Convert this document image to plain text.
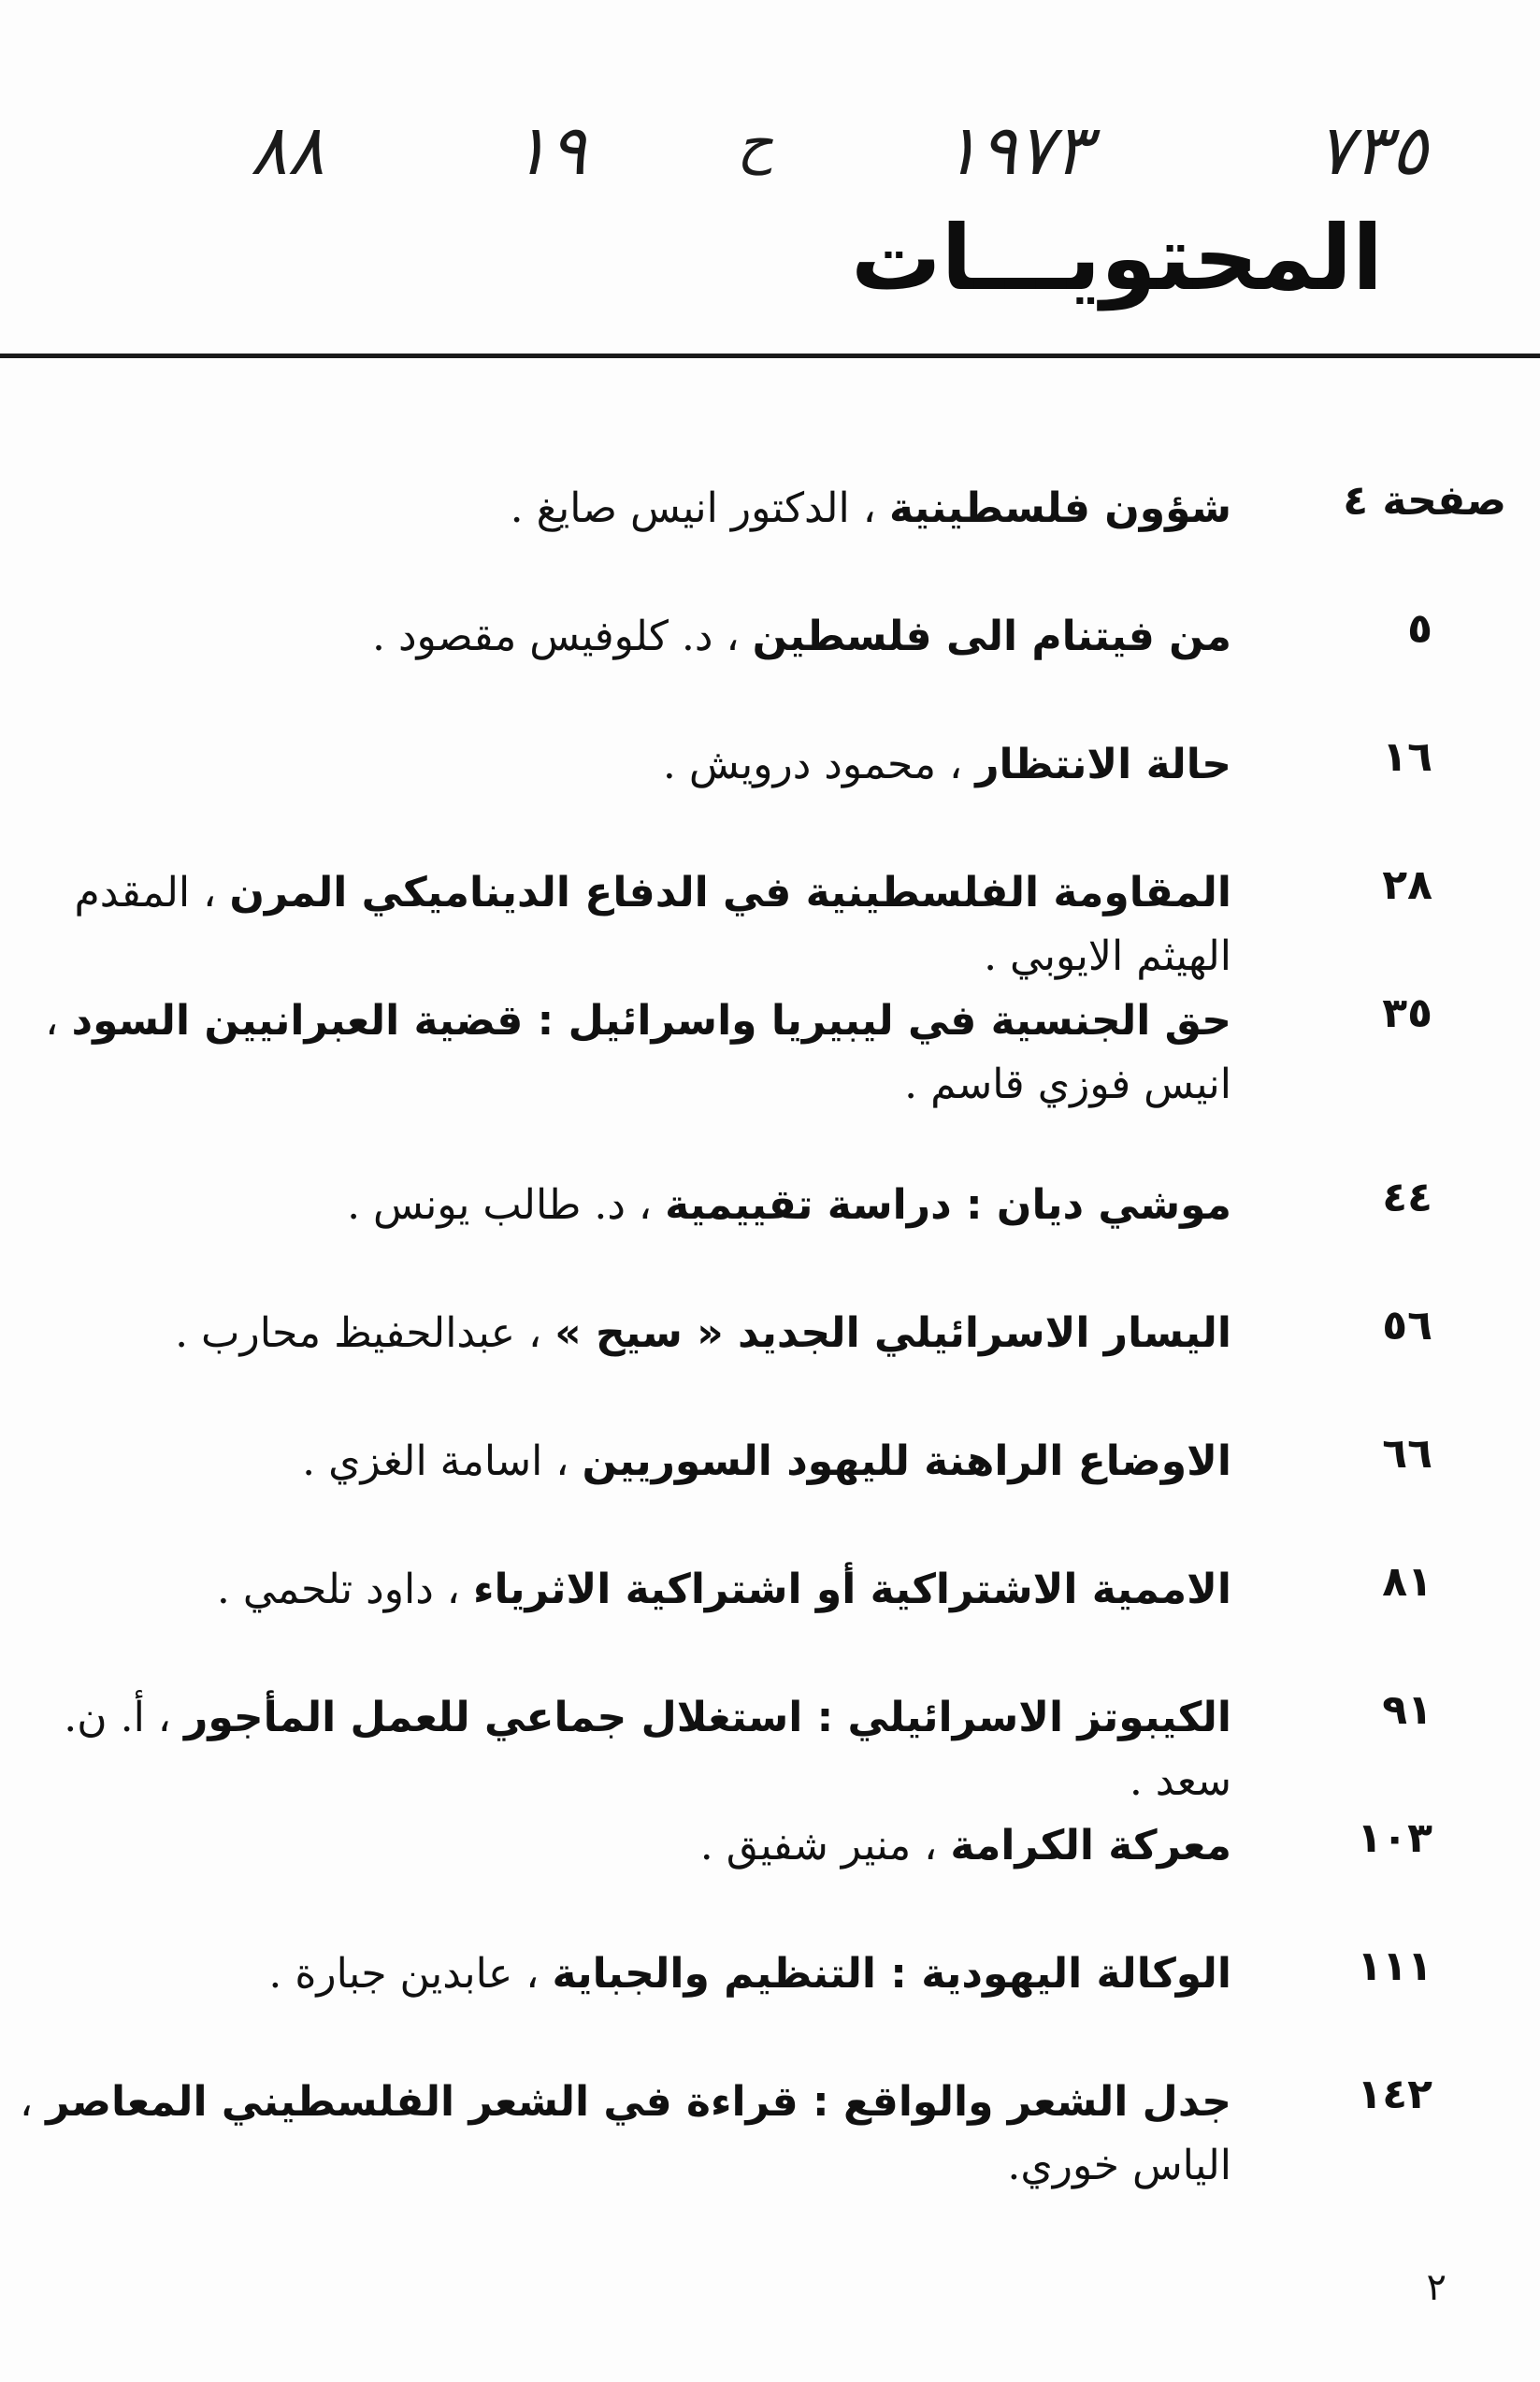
٧٣٥
١٩٧٣
ح
١٩
٨٨
المحتويـــات
صفحة ٤
شؤون فلسطينية ، الدكتور انيس صايغ .
٥
من فيتنام الى فلسطين ، د. كلوفيس مقصود .
١٦
حالة الانتظار ، محمود درويش .
٢٨
المقاومة الفلسطينية في الدفاع الديناميكي المرن ، المقدم الهيثم الايوبي .
٣٥
حق الجنسية في ليبيريا واسرائيل : قضية العبرانيين السود ، انيس فوزي قاسم .
٤٤
موشي ديان : دراسة تقييمية ، د. طالب يونس .
٥٦
اليسار الاسرائيلي الجديد « سيح » ، عبدالحفيظ محارب .
٦٦
الاوضاع الراهنة لليهود السوريين ، اسامة الغزي .
٨١
الاممية الاشتراكية أو اشتراكية الاثرياء ، داود تلحمي .
٩١
الكيبوتز الاسرائيلي : استغلال جماعي للعمل المأجور ، أ. ن. سعد .
١٠٣
معركة الكرامة ، منير شفيق .
١١١
الوكالة اليهودية : التنظيم والجباية ، عابدين جبارة .
١٤٢
جدل الشعر والواقع : قراءة في الشعر الفلسطيني المعاصر ، الياس خوري.
٢
